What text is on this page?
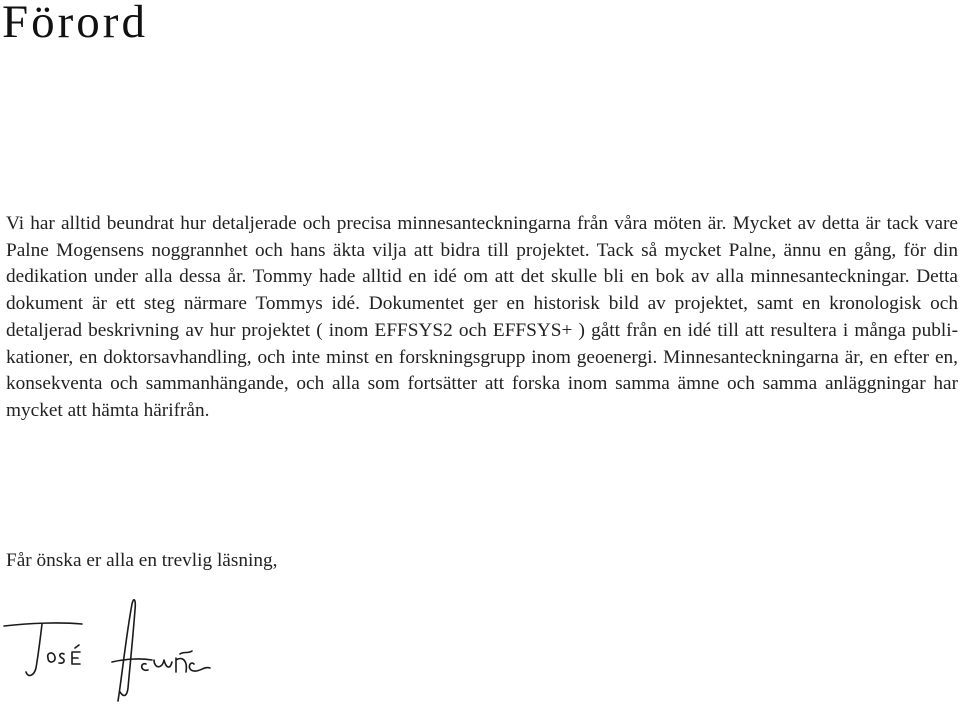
Förord

Vi har alltid beundrat hur detaljerade och precisa minnesanteckningarna från våra möten är. Mycket av detta är tack vare Palne Mogensens noggrannhet och hans äkta vilja att bidra till projektet. Tack så mycket Palne, ännu en gång, för din dedikation under alla dessa år. Tommy hade alltid en idé om att det skulle bli en bok av alla minnesanteckningar. Detta dokument är ett steg närmare Tommys idé. Dokumentet ger en historisk bild av projektet, samt en kronologisk och detaljerad beskrivning av hur projektet ( inom EFFSYS2 och EFFSYS+ ) gått från en idé till att resultera i många publikationer, en doktorsavhandling, och inte minst en forskningsgrupp inom geoenergi. Minnesanteckningarna är, en efter en, konsekventa och sammanhängande, och alla som fortsätter att forska inom samma ämne och samma anläggningar har mycket att hämta härifrån.

Får önska er alla en trevlig läsning,
